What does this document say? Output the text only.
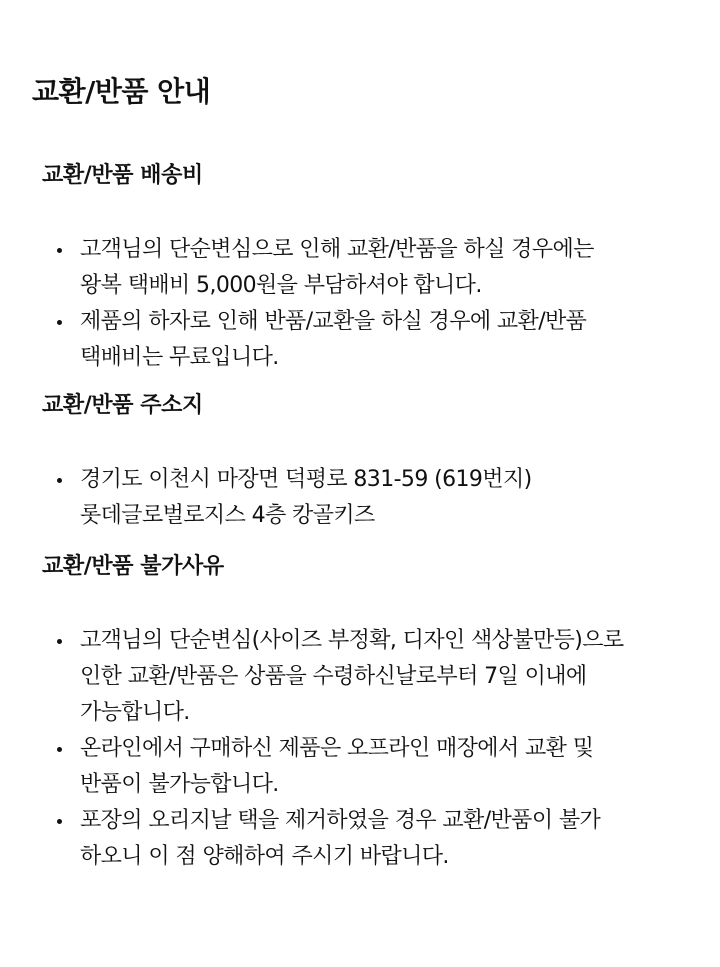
교환/반품 안내
교환/반품 배송비
고객님의 단순변심으로 인해 교환/반품을 하실 경우에는
왕복 택배비 5,000원을 부담하셔야 합니다.
제품의 하자로 인해 반품/교환을 하실 경우에 교환/반품
택배비는 무료입니다.
교환/반품 주소지
경기도 이천시 마장면 덕평로 831-59 (619번지)
롯데글로벌로지스 4층 캉골키즈
교환/반품 불가사유
고객님의 단순변심(사이즈 부정확, 디자인 색상불만등)으로
인한 교환/반품은 상품을 수령하신날로부터 7일 이내에
가능합니다.
온라인에서 구매하신 제품은 오프라인 매장에서 교환 및
반품이 불가능합니다.
포장의 오리지날 택을 제거하였을 경우 교환/반품이 불가
하오니 이 점 양해하여 주시기 바랍니다.
